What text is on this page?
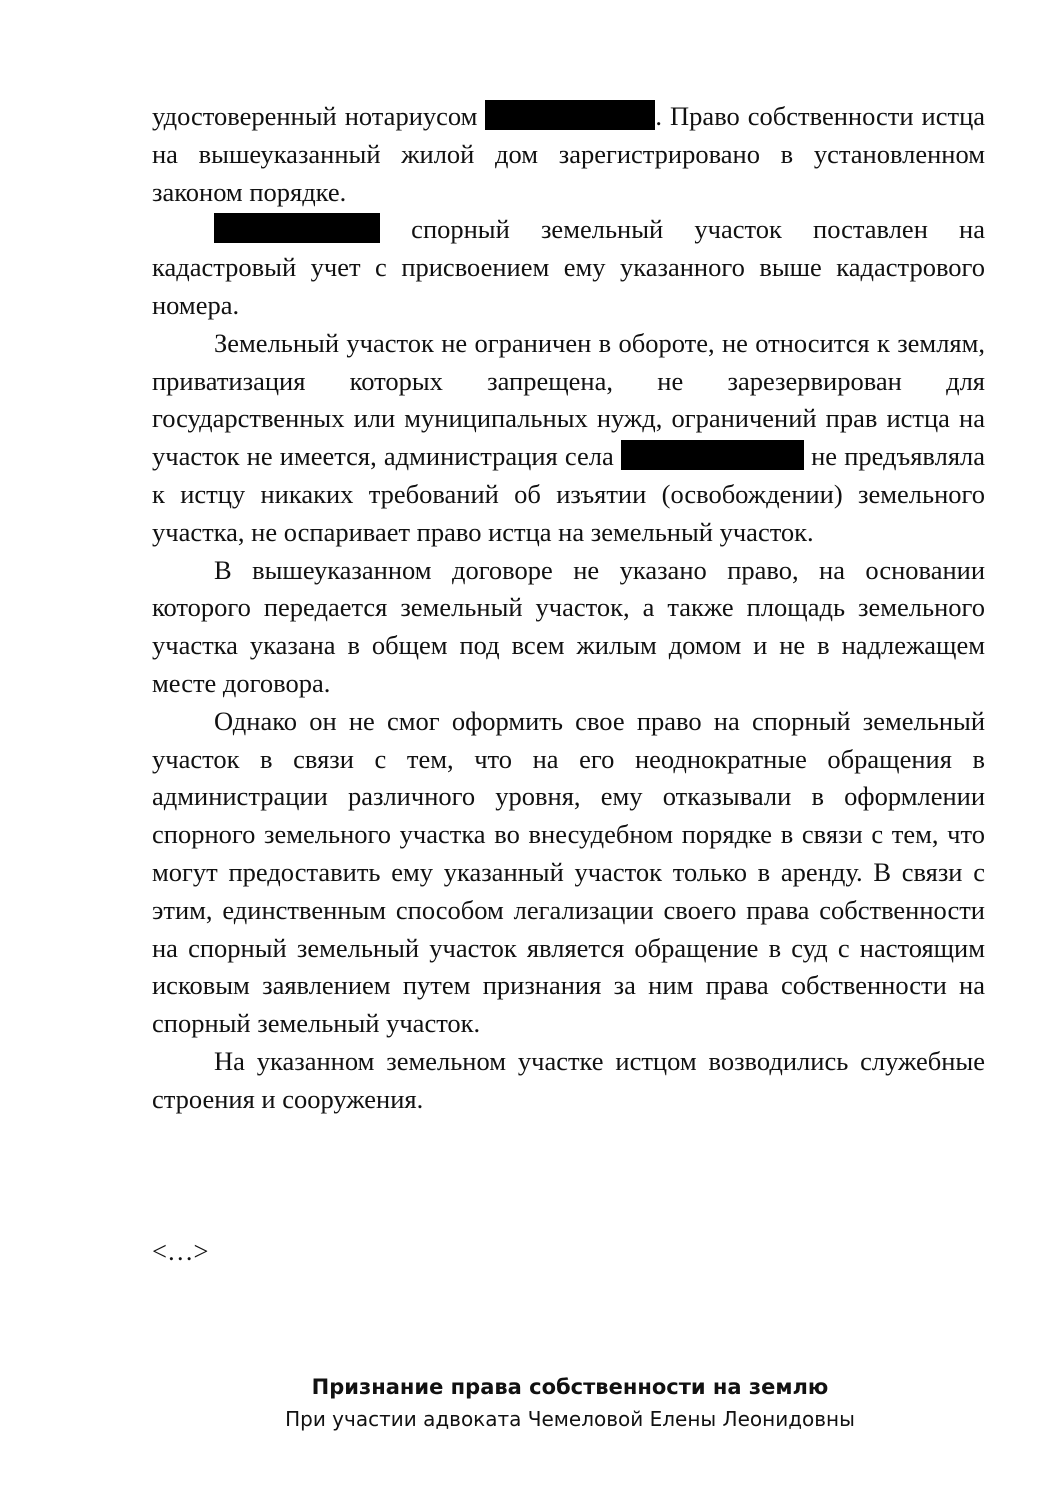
удостоверенный нотариусом	. Право собственности истца на вышеуказанный жилой дом зарегистрировано в установленном законом порядке.

спорный земельный участок поставлен на кадастровый учет с присвоением ему указанного выше кадастрового номера.

Земельный участок не ограничен в обороте, не относится к землям, приватизация которых запрещена, не зарезервирован для государственных или муниципальных нужд, ограничений прав истца на участок не имеется, администрация села	не предъявляла к истцу никаких требований об изъятии (освобождении) земельного участка, не оспаривает право истца на земельный участок.

В вышеуказанном договоре не указано право, на основании которого передается земельный участок, а также площадь земельного участка указана в общем под всем жилым домом и не в надлежащем месте договора.

Однако он не смог оформить свое право на спорный земельный участок в связи с тем, что на его неоднократные обращения в администрации различного уровня, ему отказывали в оформлении спорного земельного участка во внесудебном порядке в связи с тем, что могут предоставить ему указанный участок только в аренду. В связи с этим, единственным способом легализации своего права собственности на спорный земельный участок является обращение в суд с настоящим исковым заявлением путем признания за ним права собственности на спорный земельный участок.

На указанном земельном участке истцом возводились служебные строения и сооружения.

<…>
Признание права собственности на землю
При участии адвоката Чемеловой Елены Леонидовны
